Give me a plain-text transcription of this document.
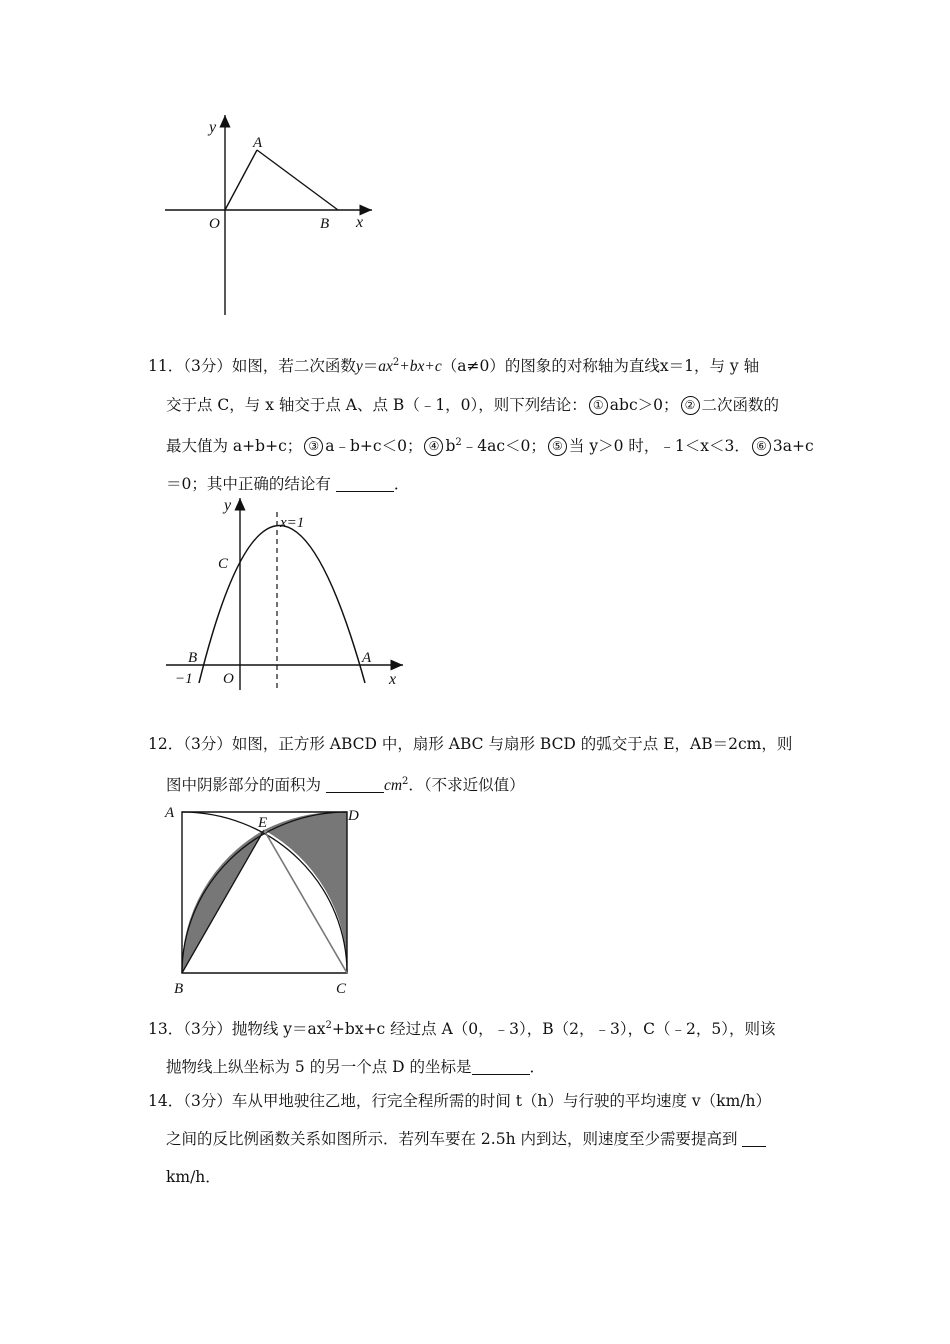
y
A
O	B x
11．（3分）如图，若二次函数$y=ax^2+bx+c(a\ne 0)$的图象的对称轴为直线x＝1，与 y 轴
交于点 C，与 x 轴交于点 A、点 B（﹣1，0），则下列结论： ① abc＞0； ② 二次函数的
最大值为 a+b+c； ③ a﹣b+c＜0； ④ $b^2﹣4ac<0$； ⑤ 当 y＞0 时，﹣1＜x＜3． ⑥ 3a+c
＝0；其中正确的结论有	．
y
x=1
C
B	A
−1 O	x
12．（3分）如图，正方形 ABCD 中，扇形 ABC 与扇形 BCD 的弧交于点 E，AB＝2cm，则
图中阴影部分的面积为	$cm^2$．（不求近似值）
A	D
E
B	C
13．（3分）抛物线 $y=ax^2+bx+c$ 经过点 A（0，﹣3），B（2，﹣3），C（﹣2，5），则该
抛物线上纵坐标为 5 的另一个点 D 的坐标是	．
14．（3分）车从甲地驶往乙地，行完全程所需的时间 t（h）与行驶的平均速度 v（km/h）
之间的反比例函数关系如图所示．若列车要在 2.5h 内到达，则速度至少需要提高到
km/h．
